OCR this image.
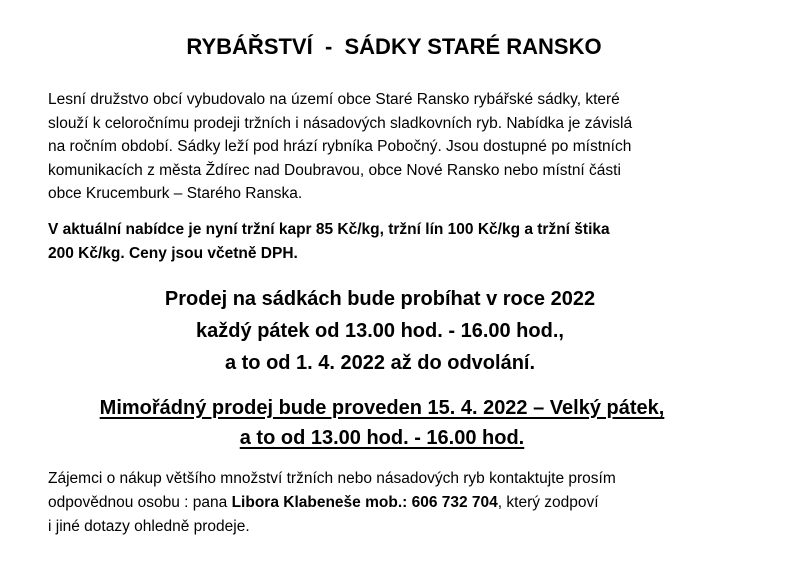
RYBÁŘSTVÍ  -  SÁDKY STARÉ RANSKO
Lesní družstvo obcí vybudovalo na území obce Staré Ransko rybářské sádky, které
slouží k celoročnímu prodeji tržních i násadových sladkovních ryb. Nabídka je závislá
na ročním období. Sádky leží pod hrází rybníka Pobočný. Jsou dostupné po místních
komunikacích z města Ždírec nad Doubravou, obce Nové Ransko nebo místní části
obce Krucemburk – Starého Ranska.
V aktuální nabídce je nyní tržní kapr 85 Kč/kg, tržní lín 100 Kč/kg a tržní štika
200 Kč/kg. Ceny jsou včetně DPH.
Prodej na sádkách bude probíhat v roce 2022
každý pátek od 13.00 hod. - 16.00 hod.,
a to od 1. 4. 2022 až do odvolání.
Mimořádný prodej bude proveden 15. 4. 2022 – Velký pátek,
a to od 13.00 hod. - 16.00 hod.
Zájemci o nákup většího množství tržních nebo násadových ryb kontaktujte prosím
odpovědnou osobu : pana Libora Klabeneše mob.: 606 732 704, který zodpoví
i jiné dotazy ohledně prodeje.
